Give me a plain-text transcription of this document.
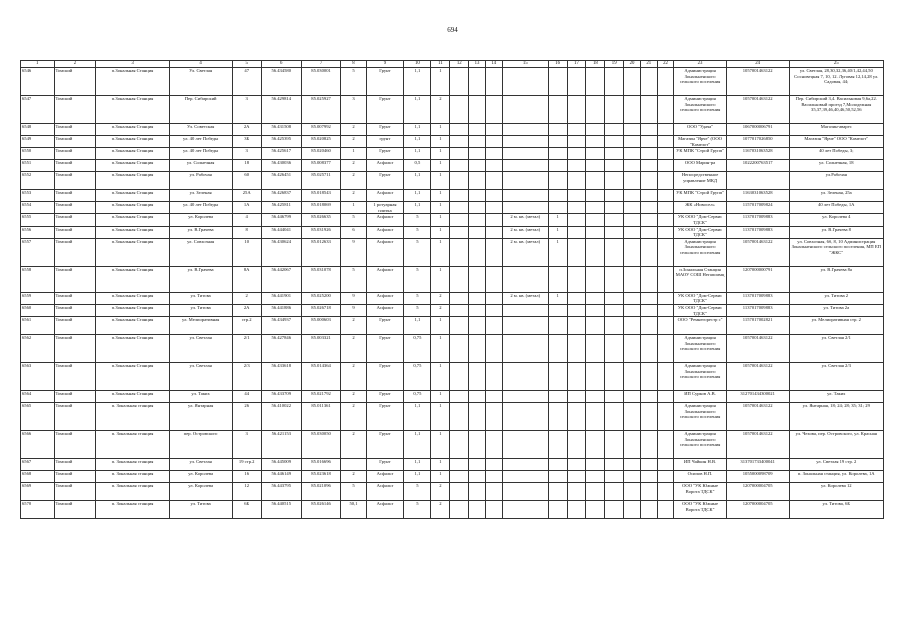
694
1	2	3	4	5	6	7	8	9	10	11	12	13	14	15	16	17	18	19	20	21	22	23	24	25
6546	Томский	п.Зональная Станция	Ул. Светлая	47	56.434580	85.030001	5	Грунт	1,1	1												Администрация Зональненского сельского поселения	1057001463122	ул. Светлая, 28,30,32,36,40/1,42,44,50 Сосновецкая 7, 10, 12. Луговая 12,14,28 ул. Садовая, 44;
6547	Томский	п.Зональная Станция	Пер. Сибирский	3	56.429814	85.025927	3	Грунт	1,1	2												Администрация Зональненского сельского поселения	1057001463122	Пер. Сибирский 3,4. Васильковая 9,6а,22. Васильковый проезд 7,Молодежная 35,37,39,46,40,46,50,52,56
6548	Томский	п.Зональная Станция	Ул. Советская	2А	56.431508	85.007992	2	Грунт	1,1	1												ООО "Удача"	1067000006791	Магазин-аварес
6549	Томский	п.Зональная Станция	ул. 40 лет Победы	3Б	56.425395	85.020825	2	грунт	1,1	1												Магазин "Ярче" (ООО "Камелот"	1077017026850	Магазин "Ярче" ООО "Камелот"
6550	Томский	п.Зональная Станция	ул. 40 лет Победы	3	56.425617	85.020460	1	Грунт	1,1	1												УК МПК "Строй Групп"	1167031063528	40 лет Победы, 3;
6551	Томский	п.Зональная Станция	ул. Солнечная	18	56.430036	85.008377	2	Асфальт	0,5	1												ООО Марин-ра	1022200763517	ул. Солнечная, 18
6552	Томский	п.Зональная Станция	ул. Рабочая	60	56.426451	85.025711	2	Грунт	1,1	1												Непосредственное управление МКД		ул.Рабочая
6553	Томский	п.Зональная Станция	ул. Зеленая	25А	56.426837	85.018543	2	Асфальт	1,1	1												УК МПК "Строй Групп"	1163031063528	ул. Зеленая, 25а
6554	Томский	п.Зональная Станция	ул. 40 лет Победы	1А	56.425811	85.018069	1	1 ротуарная плитка	1,1	1												ЖК «Новосел»	1157017009824	40 лет Победы, 1А
6555	Томский	п.Зональная Станция	ул. Королева	4	56.446799	85.026635	5	Асфальт	5	1				2 м. кв. (метал)	1							УК ООО "Дом-Сервис ТДСК"	1137017009883	ул. Королева 4
6556	Томский	п.Зональная Станция	ул. В.Грачева	8	56.444041	85.031926	6	Асфальт	5	1				2 м. кв. (метал)	1							УК ООО "Дом-Сервис ТДСК"	1137017009883	ул. В.Грачева 8
6557	Томский	п.Зональная Станция	ул. Совхозная	10	56.430624	85.012633	9	Асфальт	5	1				2 м. кв. (метал)	1							Администрация Зональненского сельского поселения	1057001463122	ул. Совхозная, 6б, 8, 10 Администрация Зональненского сельского поселения, МП ЕП "ЖКС"
6558	Томский	п.Зональная Станция	ул. В.Грачева	8А	56.442067	85.031078	5	Асфальт	5	1												п.Зональная Станция МАОУ СОШ Негапоимц	1207000000791	ул. В.Грачева 8а
6559	Томский	п.Зональная Станция	ул. Титова	2	56.441901	85.025200	9	Асфальт	5	2				2 м. кв. (метал)	1							УК ООО "Дом-Сервис ТДСК"	1137017009883	ул. Титова 2
6560	Томский	п.Зональная Станция	ул. Титова	2А	56.441886	85.026718	9	Асфальт	5	2												УК ООО "Дом-Сервис ТДСК"	1137017009883	ул. Титова 2а
6561	Томский	п.Зональная Станция	ул. Мелиоративная	стр.2	56.434937	85.000603	2	Грунт	1,1	1												ООО "Ремнегорестр с"	1157017002821	ул. Мелиоративная стр. 2
6562	Томский	п.Зональная Станция	ул. Светлая	2/1	56.427846	85.003321	2	Грунт	0,75	1												Администрация Зональненского сельского поселения	1057001463122	ул. Светлая 2/1
6563	Томский	п.Зональная Станция	ул. Светлая	2/3	56.433618	85.014364	2	Грунт	0,75	1												Администрация Зональненского сельского поселения	1057001463122	ул. Светлая 2/3
6564	Томский	п.Зональная Станция	ул. Таких	44	56.433709	85.021792	2	Грунт	0,75	1												ИП Сурков А.В.	312701434300021	ул. Таких
6565	Томский	п. Зональная станция	ул. Янтарная	26	56.410022	85.011361	2	Грунт	1,1	1												Администрация Зональненского сельского поселения	1057001463122	ул. Янтарная, 18; 24; 28; 35; 31; 29
6566	Томский	п. Зональная станция	пер. Островского	3	56.421153	85.030050	2	Грунт	1,1	1												Администрация Зональненского сельского поселения	1057001463122	ул. Чехова, пер. Островского, ул. Красная
6567	Томский	п. Зональная станция	ул. Светлая	19 стр.2	56.445009	85.016696		Грунт	1,1	1												ИП Чайкин Н.В.	313701733400041	ул. Светлая 19 стр. 2
6568	Томский	п. Зональная станция	ул. Королева	16	56.446149	85.023618	2	Асфальт	1,1	1												Осипов Н.П.	1055000098709	п. Зональная станция, ул. Королева, 1А
6569	Томский	п. Зональная станция	ул. Королева	12	56.443795	85.021096	5	Асфальт	5	2												ООО "УК Южные Ворота ТДСК"	1207000004705	ул. Королева 12
6570	Томский	п. Зональная станция	ул. Титова	6Б	56.440515	85.026146	50,1	Асфальт	5	2												ООО "УК Южные Ворота ТДСК"	1207000004705	ул. Титова, 6Б
